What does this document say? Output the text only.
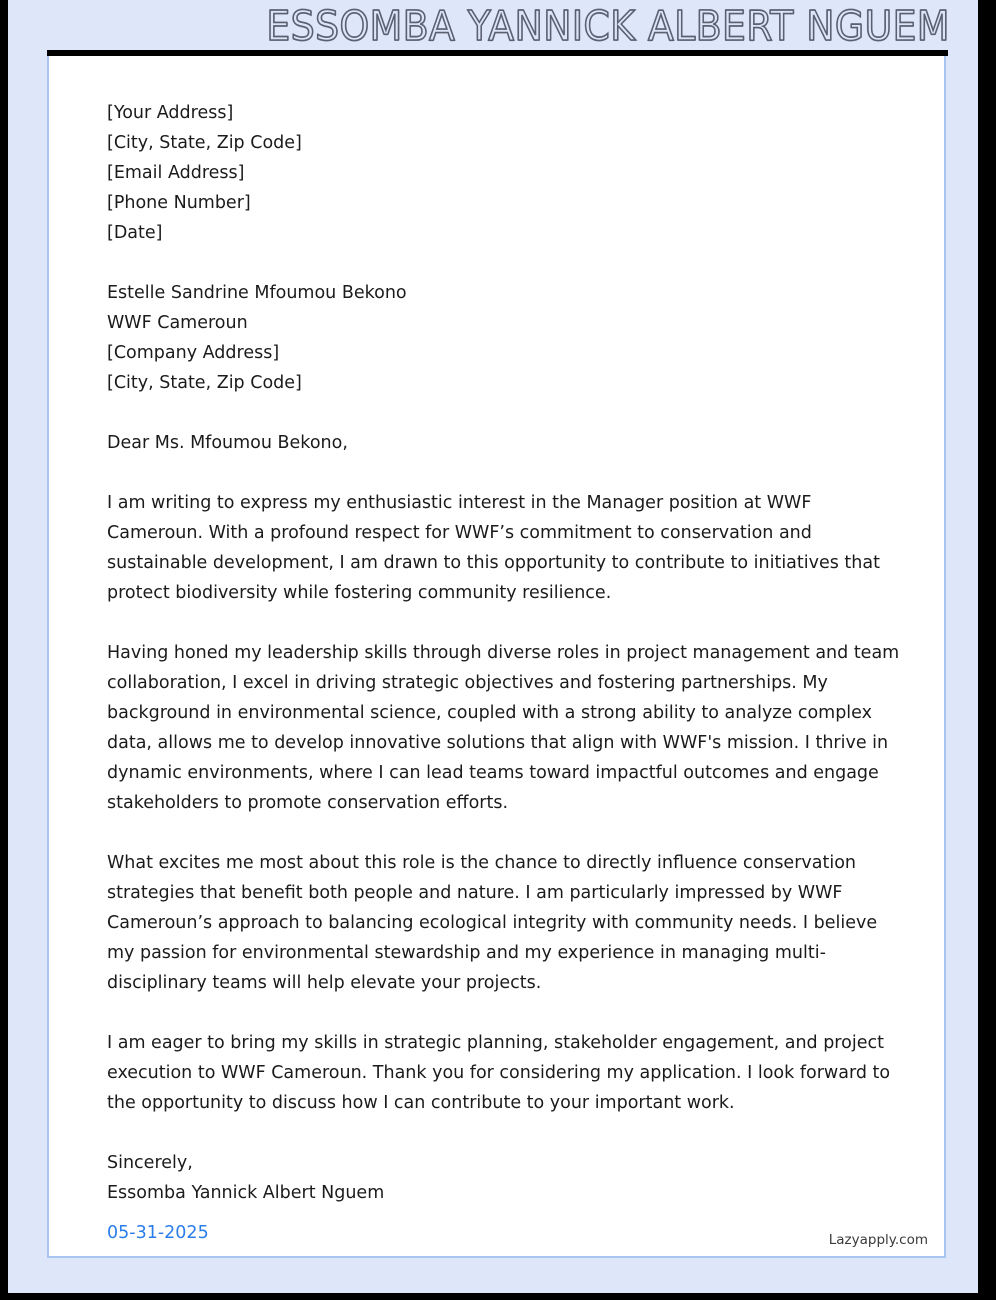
ESSOMBA YANNICK ALBERT NGUEM
[Your Address]
[City, State, Zip Code]
[Email Address]
[Phone Number]
[Date]
Estelle Sandrine Mfoumou Bekono
WWF Cameroun
[Company Address]
[City, State, Zip Code]

Dear Ms. Mfoumou Bekono,

I am writing to express my enthusiastic interest in the Manager position at WWF Cameroun. With a profound respect for WWF’s commitment to conservation and sustainable development, I am drawn to this opportunity to contribute to initiatives that protect biodiversity while fostering community resilience.

Having honed my leadership skills through diverse roles in project management and team collaboration, I excel in driving strategic objectives and fostering partnerships. My background in environmental science, coupled with a strong ability to analyze complex data, allows me to develop innovative solutions that align with WWF's mission. I thrive in dynamic environments, where I can lead teams toward impactful outcomes and engage stakeholders to promote conservation efforts.

What excites me most about this role is the chance to directly influence conservation strategies that benefit both people and nature. I am particularly impressed by WWF Cameroun’s approach to balancing ecological integrity with community needs. I believe my passion for environmental stewardship and my experience in managing multi-disciplinary teams will help elevate your projects.

I am eager to bring my skills in strategic planning, stakeholder engagement, and project execution to WWF Cameroun. Thank you for considering my application. I look forward to the opportunity to discuss how I can contribute to your important work.

Sincerely,
Essomba Yannick Albert Nguem
05-31-2025	Lazyapply.com
